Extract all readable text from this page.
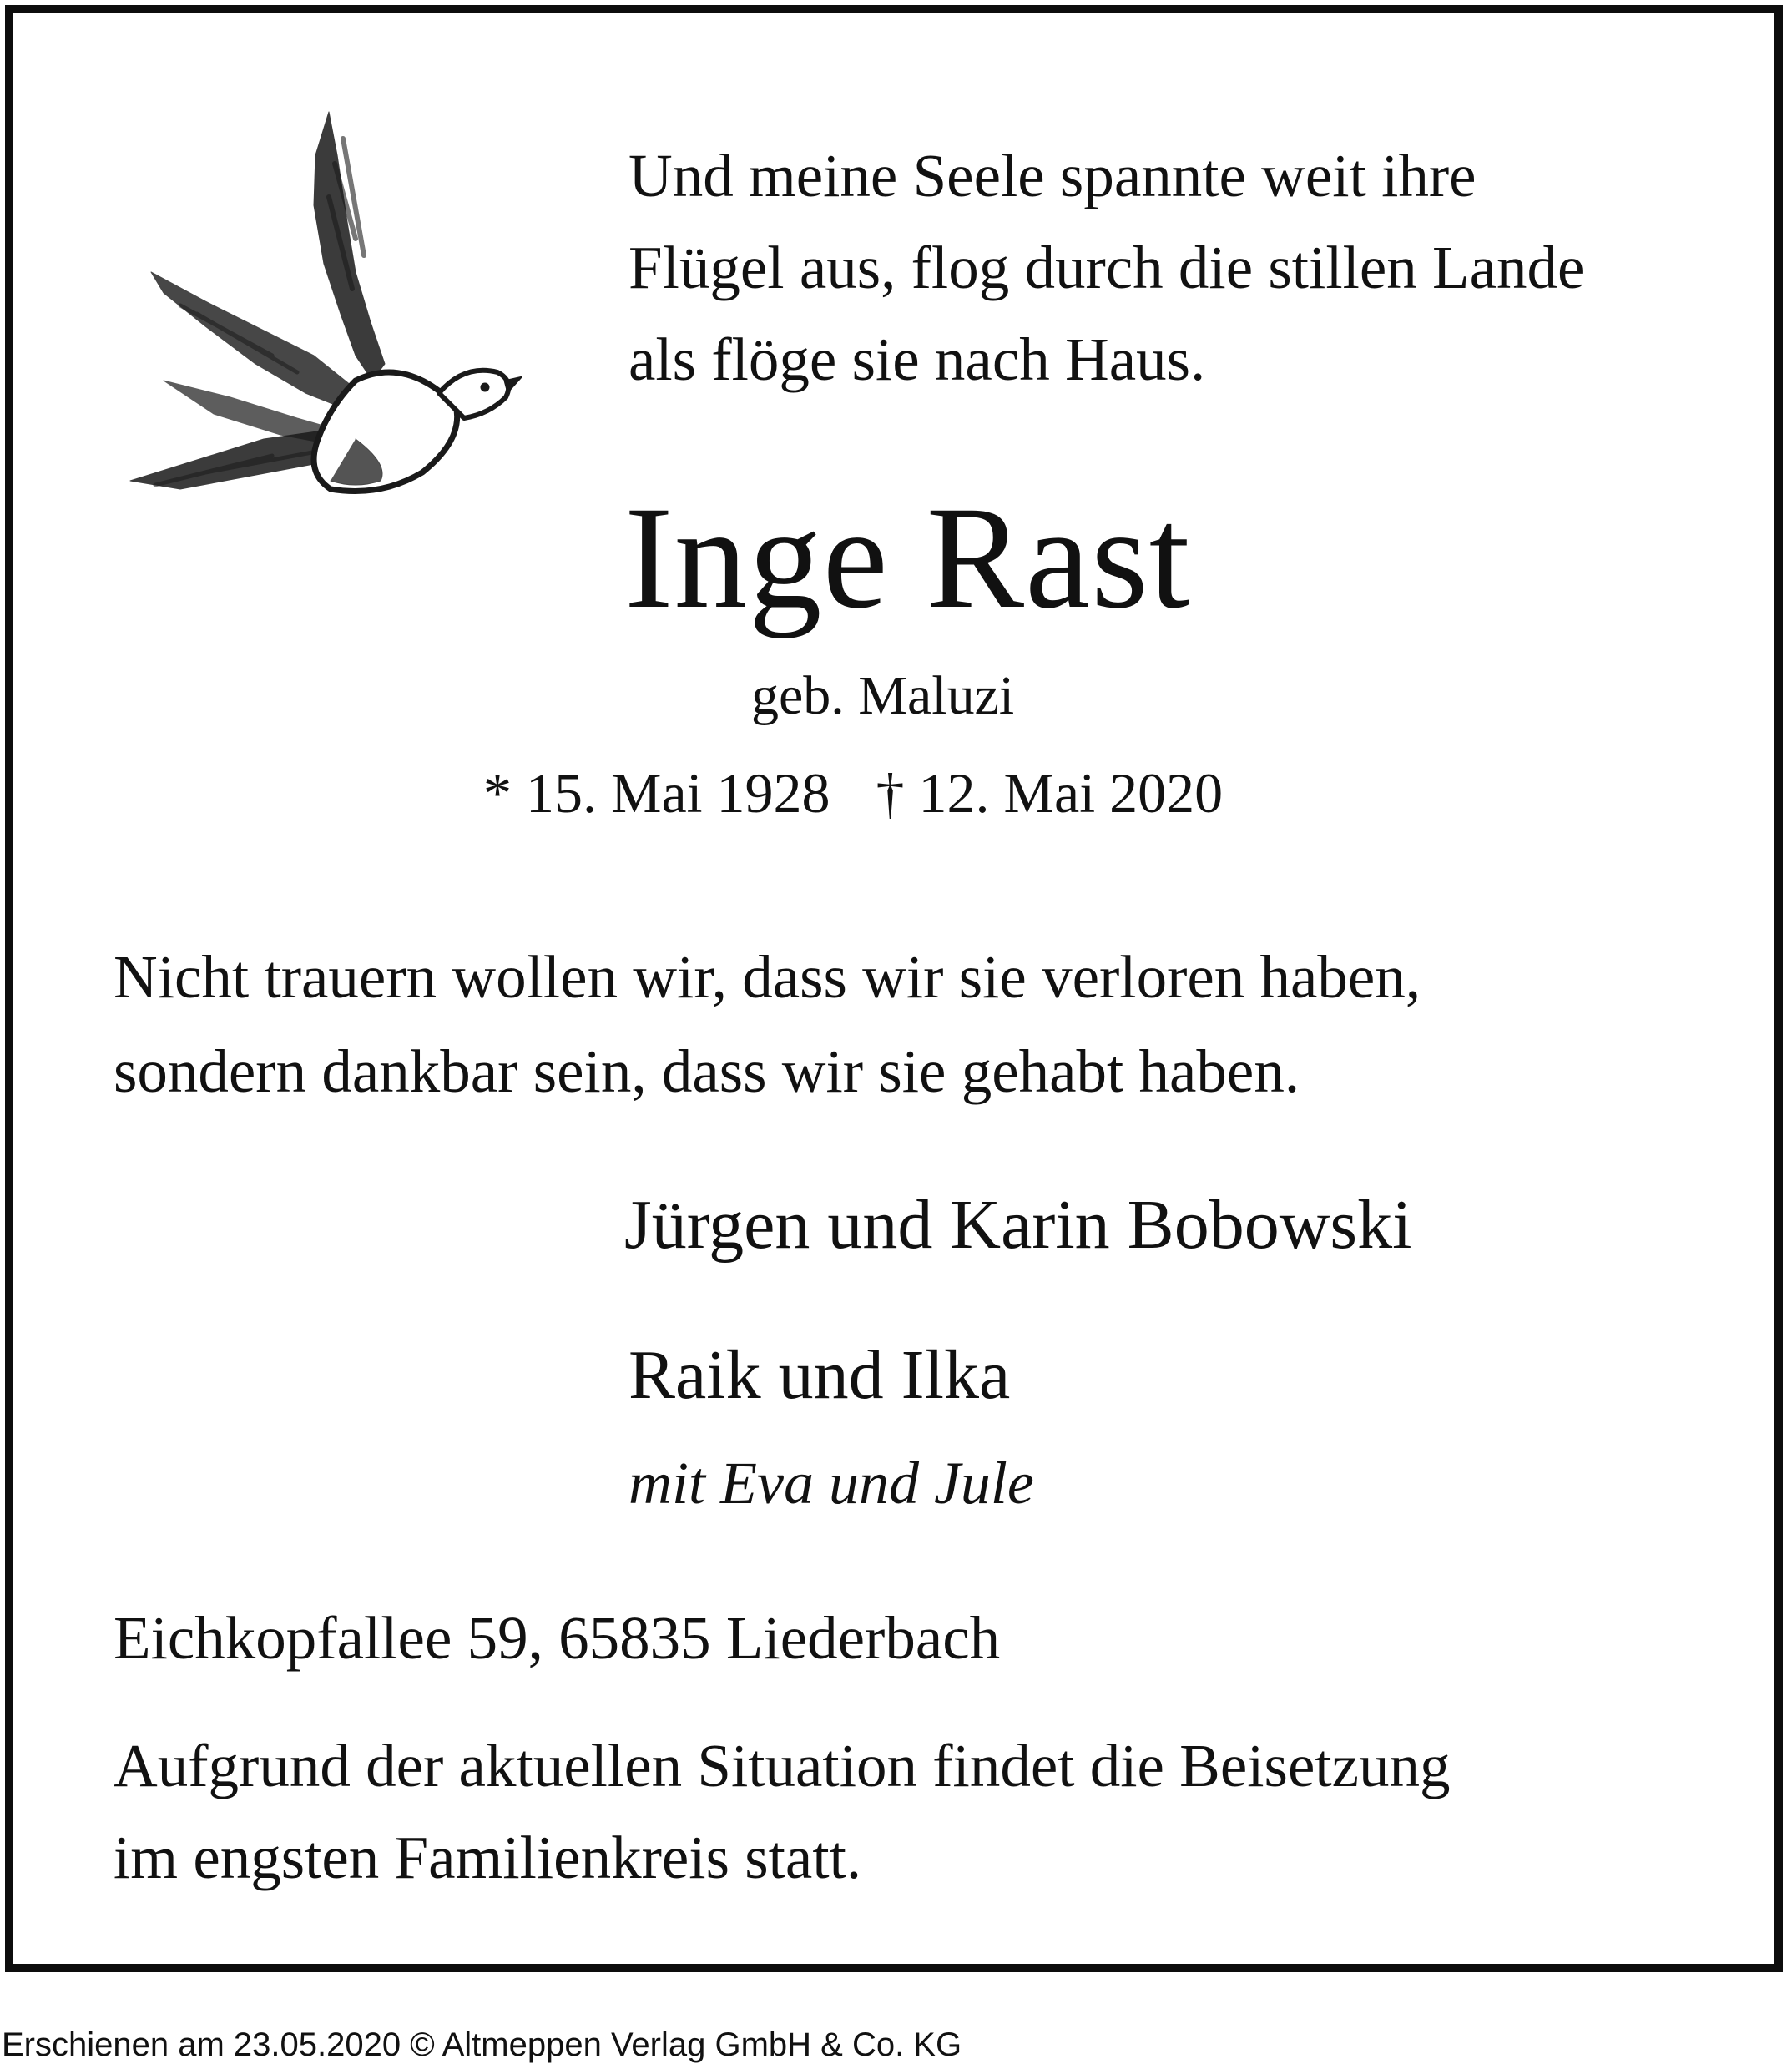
Und meine Seele spannte weit ihre
Flügel aus, flog durch die stillen Lande
als flöge sie nach Haus.
Inge Rast
geb. Maluzi
* 15. Mai 1928 † 12. Mai 2020
Nicht trauern wollen wir, dass wir sie verloren haben,
sondern dankbar sein, dass wir sie gehabt haben.
Jürgen und Karin Bobowski
Raik und Ilka
mit Eva und Jule
Eichkopfallee 59, 65835 Liederbach
Aufgrund der aktuellen Situation findet die Beisetzung
im engsten Familienkreis statt.
Erschienen am 23.05.2020 © Altmeppen Verlag GmbH & Co. KG
